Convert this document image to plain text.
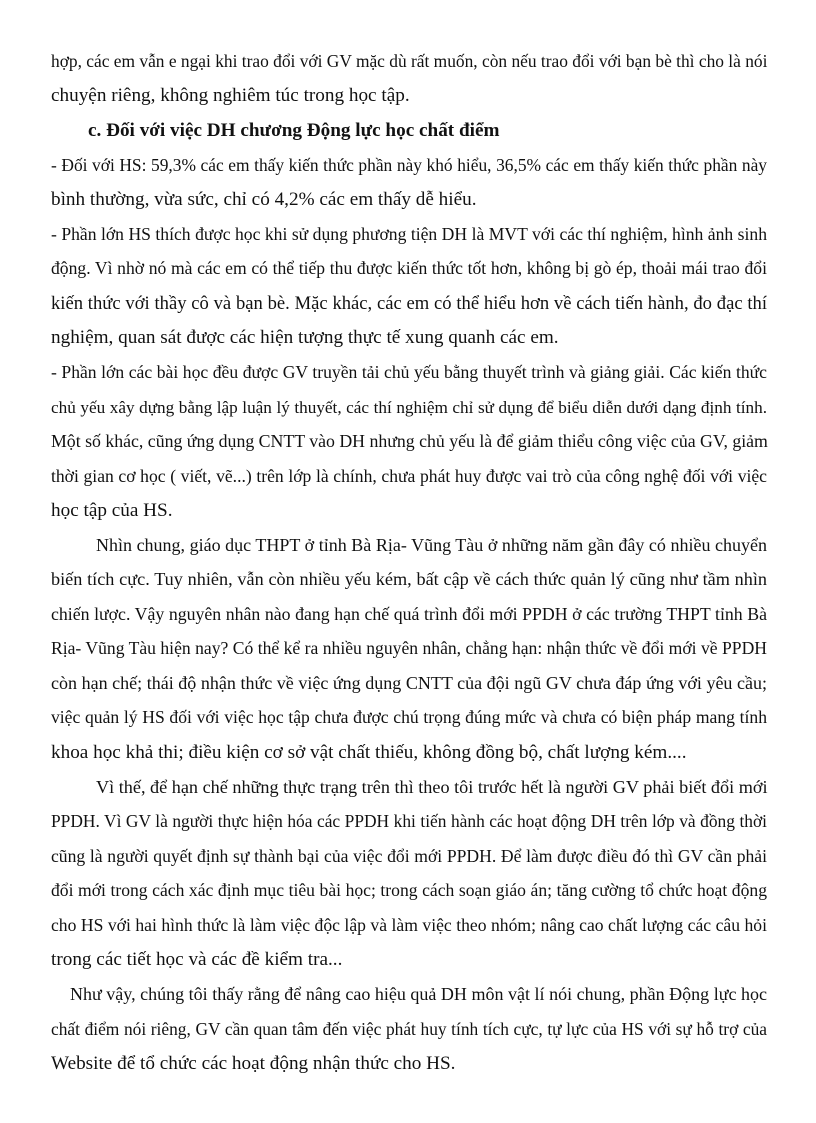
hợp, các em vẫn e ngại khi trao đổi với GV mặc dù rất muốn, còn nếu trao đổi với bạn bè thì cho là nói
chuyện riêng, không nghiêm túc trong học tập.
c. Đối với việc DH chương Động lực học chất điểm
- Đối với HS: 59,3% các em thấy kiến thức phần này khó hiểu, 36,5% các em thấy kiến thức phần này
bình thường, vừa sức, chỉ có 4,2% các em thấy dễ hiểu.
- Phần lớn HS thích được học khi sử dụng phương tiện DH là MVT với các thí nghiệm, hình ảnh sinh
động. Vì nhờ nó mà các em có thể tiếp thu được kiến thức tốt hơn, không bị gò ép, thoải mái trao đổi
kiến thức với thầy cô và bạn bè. Mặc khác, các em có thể hiểu hơn về cách tiến hành, đo đạc thí
nghiệm, quan sát được các hiện tượng thực tế xung quanh các em.
- Phần lớn các bài học đều được GV truyền tải chủ yếu bằng thuyết trình và giảng giải. Các kiến thức
chủ yếu xây dựng bằng lập luận lý thuyết, các thí nghiệm chỉ sử dụng để biểu diễn dưới dạng định tính.
Một số khác, cũng ứng dụng CNTT vào DH nhưng chủ yếu là để giảm thiểu công việc của GV, giảm
thời gian cơ học ( viết, vẽ...) trên lớp là chính, chưa phát huy được vai trò của công nghệ đối với việc
học tập của HS.
Nhìn chung, giáo dục THPT ở tỉnh Bà Rịa- Vũng Tàu ở những năm gần đây có nhiều chuyển
biến tích cực. Tuy nhiên, vẫn còn nhiều yếu kém, bất cập về cách thức quản lý cũng như tầm nhìn
chiến lược. Vậy nguyên nhân nào đang hạn chế quá trình đổi mới PPDH ở các trường THPT tỉnh Bà
Rịa- Vũng Tàu hiện nay? Có thể kể ra nhiều nguyên nhân, chẳng hạn: nhận thức về đổi mới về PPDH
còn hạn chế; thái độ nhận thức về việc ứng dụng CNTT của đội ngũ GV chưa đáp ứng với yêu cầu;
việc quản lý HS đối với việc học tập chưa được chú trọng đúng mức và chưa có biện pháp mang tính
khoa học khả thi; điều kiện cơ sở vật chất thiếu, không đồng bộ, chất lượng kém....
Vì thế, để hạn chế những thực trạng trên thì theo tôi trước hết là người GV phải biết đổi mới
PPDH. Vì GV là người thực hiện hóa các PPDH khi tiến hành các hoạt động DH trên lớp và đồng thời
cũng là người quyết định sự thành bại của việc đổi mới PPDH. Để làm được điều đó thì GV cần phải
đổi mới trong cách xác định mục tiêu bài học; trong cách soạn giáo án; tăng cường tổ chức hoạt động
cho HS với hai hình thức là làm việc độc lập và làm việc theo nhóm; nâng cao chất lượng các câu hỏi
trong các tiết học và các đề kiểm tra...
Như vậy, chúng tôi thấy rằng để nâng cao hiệu quả DH môn vật lí nói chung, phần Động lực học
chất điểm nói riêng, GV cần quan tâm đến việc phát huy tính tích cực, tự lực của HS với sự hỗ trợ của
Website để tổ chức các hoạt động nhận thức cho HS.
